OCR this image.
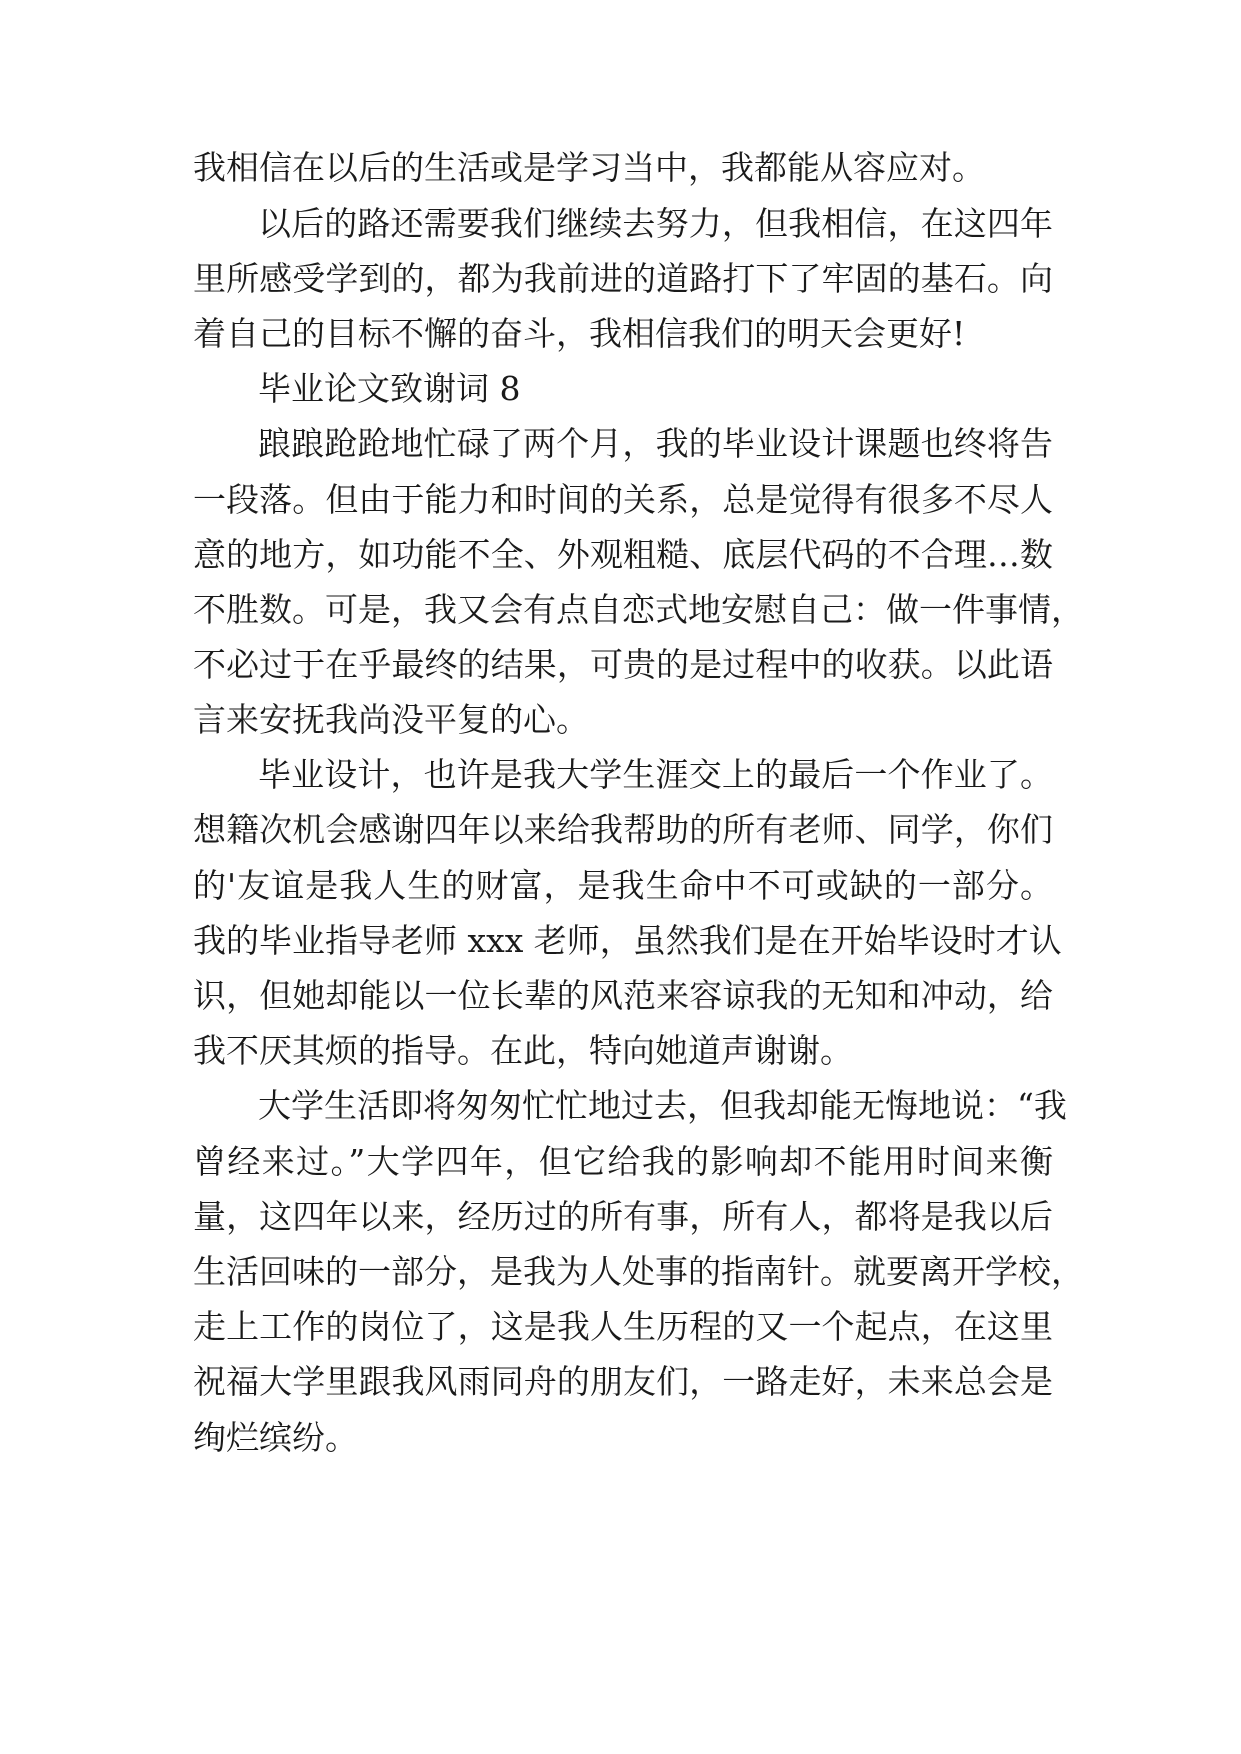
我相信在以后的生活或是学习当中，我都能从容应对。
以后的路还需要我们继续去努力，但我相信，在这四年
里所感受学到的，都为我前进的道路打下了牢固的基石。向
着自己的目标不懈的奋斗，我相信我们的明天会更好!
毕业论文致谢词 8
踉踉跄跄地忙碌了两个月，我的毕业设计课题也终将告
一段落。但由于能力和时间的关系，总是觉得有很多不尽人
意的地方，如功能不全、外观粗糙、底层代码的不合理…数
不胜数。可是，我又会有点自恋式地安慰自己：做一件事情，
不必过于在乎最终的结果，可贵的是过程中的收获。以此语
言来安抚我尚没平复的心。
毕业设计，也许是我大学生涯交上的最后一个作业了。
想籍次机会感谢四年以来给我帮助的所有老师、同学，你们
的'友谊是我人生的财富，是我生命中不可或缺的一部分。
我的毕业指导老师 xxx 老师，虽然我们是在开始毕设时才认
识，但她却能以一位长辈的风范来容谅我的无知和冲动，给
我不厌其烦的指导。在此，特向她道声谢谢。
大学生活即将匆匆忙忙地过去，但我却能无悔地说：“我
曾经来过。”大学四年，但它给我的影响却不能用时间来衡
量，这四年以来，经历过的所有事，所有人，都将是我以后
生活回味的一部分，是我为人处事的指南针。就要离开学校，
走上工作的岗位了，这是我人生历程的又一个起点，在这里
祝福大学里跟我风雨同舟的朋友们，一路走好，未来总会是
绚烂缤纷。
